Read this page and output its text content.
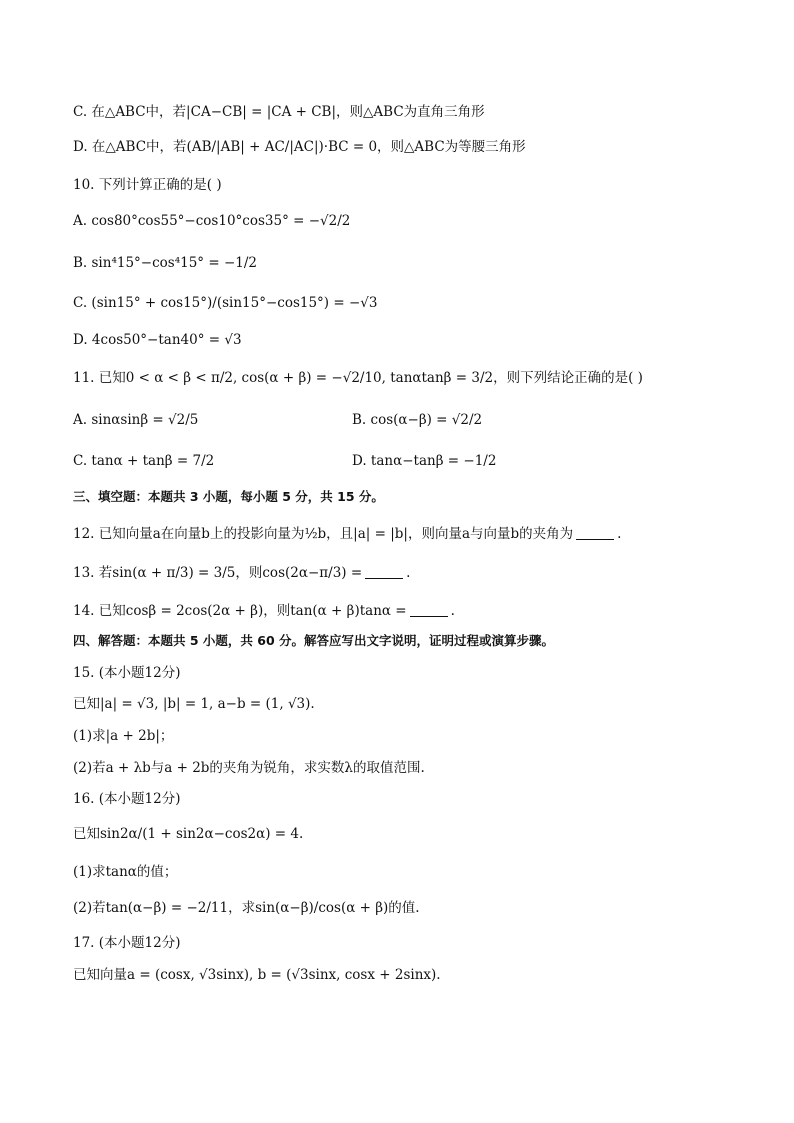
C. 在△ABC中，若|CA−CB| = |CA + CB|，则△ABC为直角三角形
D. 在△ABC中，若(AB/|AB| + AC/|AC|)·BC = 0，则△ABC为等腰三角形
10. 下列计算正确的是( )
A. cos80°cos55°−cos10°cos35° = −√2/2
B. sin⁴15°−cos⁴15° = −1/2
C. (sin15° + cos15°)/(sin15°−cos15°) = −√3
D. 4cos50°−tan40° = √3
11. 已知0 < α < β < π/2, cos(α + β) = −√2/10, tanαtanβ = 3/2，则下列结论正确的是( )
A. sinαsinβ = √2/5	B. cos(α−β) = √2/2
C. tanα + tanβ = 7/2	D. tanα−tanβ = −1/2
三、填空题：本题共 3 小题，每小题 5 分，共 15 分。
12. 已知向量a在向量b上的投影向量为½b，且|a| = |b|，则向量a与向量b的夹角为	.
13. 若sin(α + π/3) = 3/5，则cos(2α−π/3) =	.
14. 已知cosβ = 2cos(2α + β)，则tan(α + β)tanα =	.
四、解答题：本题共 5 小题，共 60 分。解答应写出文字说明，证明过程或演算步骤。
15. (本小题12分)
已知|a| = √3, |b| = 1, a−b = (1, √3).
(1)求|a + 2b|；
(2)若a + λb与a + 2b的夹角为锐角，求实数λ的取值范围.
16. (本小题12分)
已知sin2α/(1 + sin2α−cos2α) = 4.
(1)求tanα的值；
(2)若tan(α−β) = −2/11，求sin(α−β)/cos(α + β)的值.
17. (本小题12分)
已知向量a = (cosx, √3sinx), b = (√3sinx, cosx + 2sinx).
